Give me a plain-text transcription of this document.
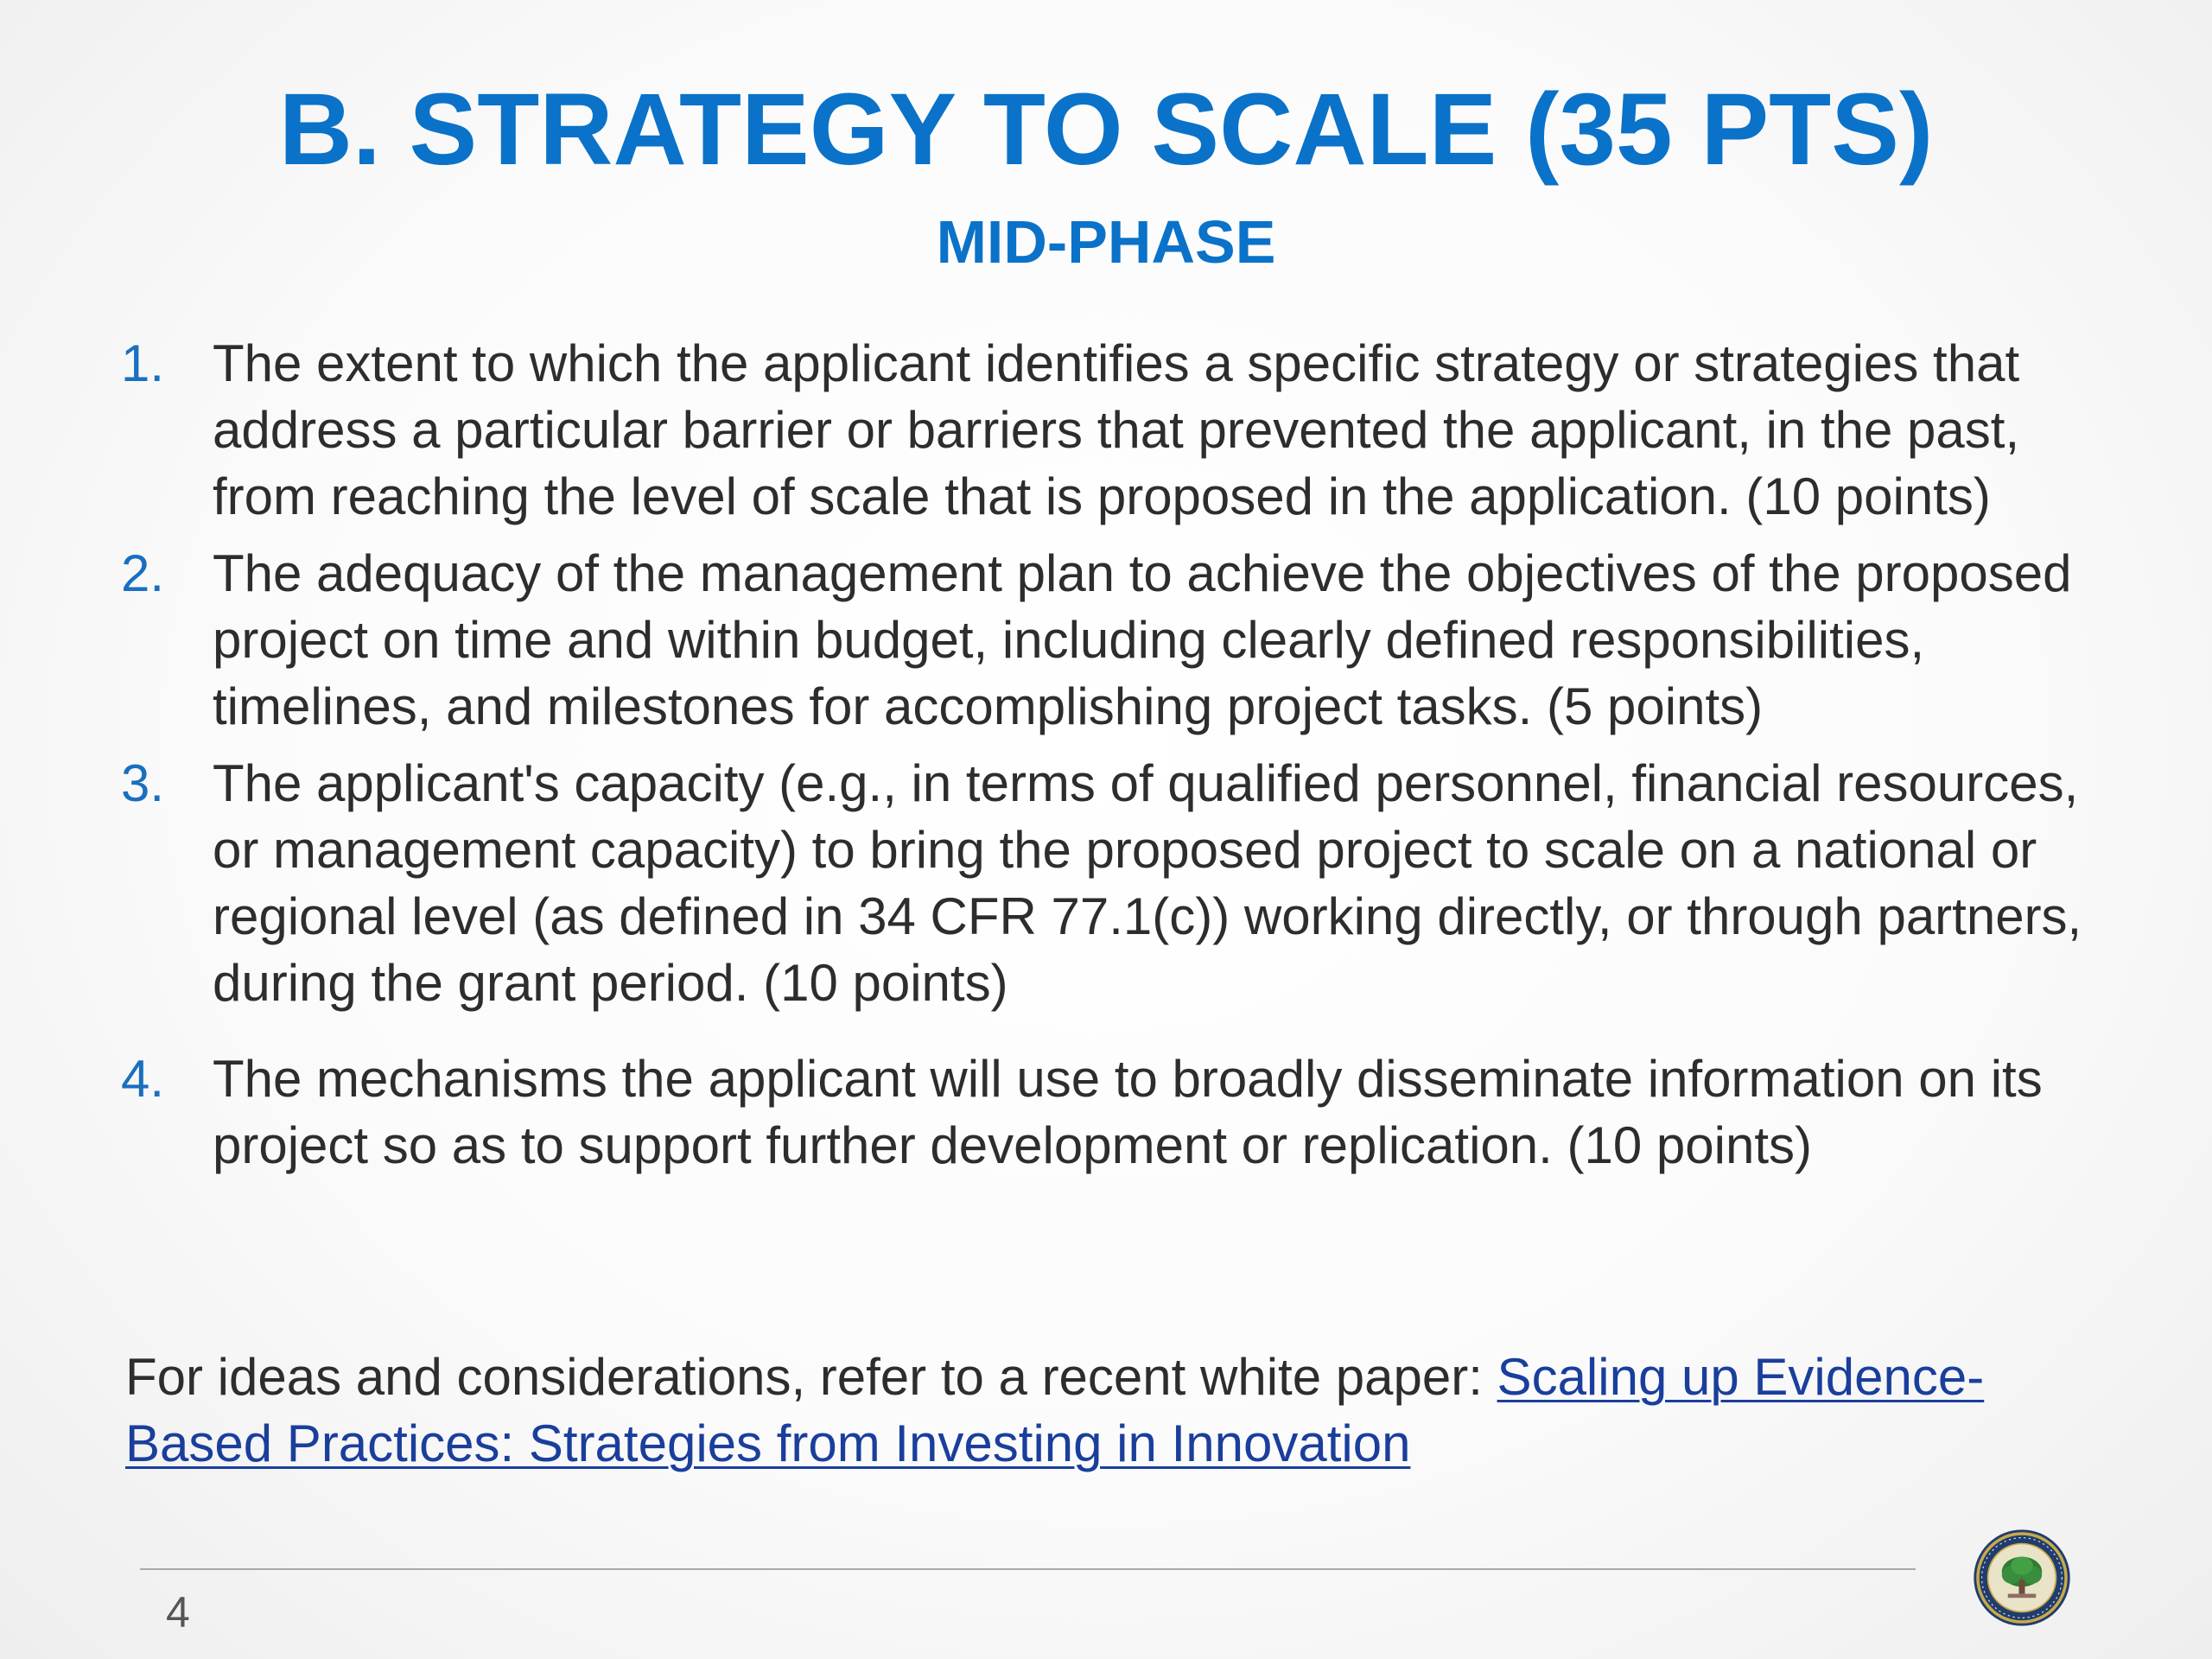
B. STRATEGY TO SCALE (35 PTS)
MID-PHASE
1. The extent to which the applicant identifies a specific strategy or strategies that address a particular barrier or barriers that prevented the applicant, in the past, from reaching the level of scale that is proposed in the application. (10 points)
2. The adequacy of the management plan to achieve the objectives of the proposed project on time and within budget, including clearly defined responsibilities, timelines, and milestones for accomplishing project tasks. (5 points)
3. The applicant's capacity (e.g., in terms of qualified personnel, financial resources, or management capacity) to bring the proposed project to scale on a national or regional level (as defined in 34 CFR 77.1(c)) working directly, or through partners, during the grant period. (10 points)
4. The mechanisms the applicant will use to broadly disseminate information on its project so as to support further development or replication. (10 points)
For ideas and considerations, refer to a recent white paper: Scaling up Evidence-Based Practices: Strategies from Investing in Innovation
4
